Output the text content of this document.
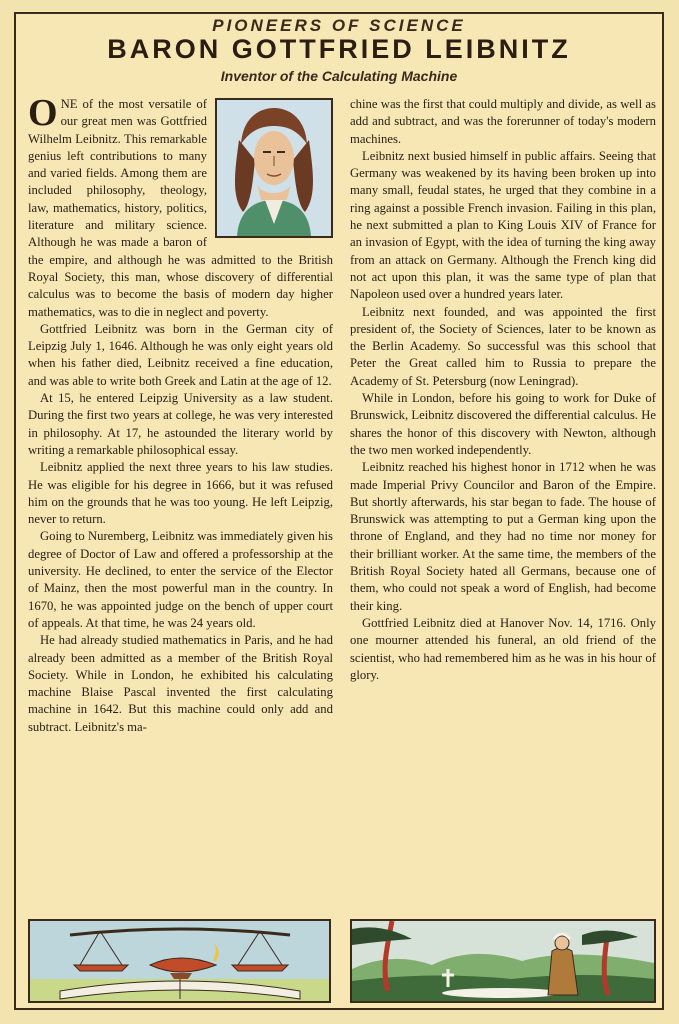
PIONEERS OF SCIENCE
BARON GOTTFRIED LEIBNITZ
Inventor of the Calculating Machine

ONE of the most versatile of our great men was Gottfried Wilhelm Leibnitz. This remarkable genius left contributions to many and varied fields. Among them are included philosophy, theology, law, mathematics, history, politics, literature and military science. Although he was made a baron of the empire, and although he was admitted to the British Royal Society, this man, whose discovery of differential calculus was to become the basis of modern day higher mathematics, was to die in neglect and poverty.

Gottfried Leibnitz was born in the German city of Leipzig July 1, 1646. Although he was only eight years old when his father died, Leibnitz received a fine education, and was able to write both Greek and Latin at the age of 12.

At 15, he entered Leipzig University as a law student. During the first two years at college, he was very interested in philosophy. At 17, he astounded the literary world by writing a remarkable philosophical essay.

Leibnitz applied the next three years to his law studies. He was eligible for his degree in 1666, but it was refused him on the grounds that he was too young. He left Leipzig, never to return.

Going to Nuremberg, Leibnitz was immediately given his degree of Doctor of Law and offered a professorship at the university. He declined, to enter the service of the Elector of Mainz, then the most powerful man in the country. In 1670, he was appointed judge on the bench of upper court of appeals. At that time, he was 24 years old.

He had already studied mathematics in Paris, and he had already been admitted as a member of the British Royal Society. While in London, he exhibited his calculating machine Blaise Pascal invented the first calculating machine in 1642. But this machine could only add and subtract. Leibnitz's ma-

chine was the first that could multiply and divide, as well as add and subtract, and was the forerunner of today's modern machines.

Leibnitz next busied himself in public affairs. Seeing that Germany was weakened by its having been broken up into many small, feudal states, he urged that they combine in a ring against a possible French invasion. Failing in this plan, he next submitted a plan to King Louis XIV of France for an invasion of Egypt, with the idea of turning the king away from an attack on Germany. Although the French king did not act upon this plan, it was the same type of plan that Napoleon used over a hundred years later.

Leibnitz next founded, and was appointed the first president of, the Society of Sciences, later to be known as the Berlin Academy. So successful was this school that Peter the Great called him to Russia to prepare the Academy of St. Petersburg (now Leningrad).

While in London, before his going to work for Duke of Brunswick, Leibnitz discovered the differential calculus. He shares the honor of this discovery with Newton, although the two men worked independently.

Leibnitz reached his highest honor in 1712 when he was made Imperial Privy Councilor and Baron of the Empire. But shortly afterwards, his star began to fade. The house of Brunswick was attempting to put a German king upon the throne of England, and they had no time nor money for their brilliant worker. At the same time, the members of the British Royal Society hated all Germans, because one of them, who could not speak a word of English, had become their king.

Gottfried Leibnitz died at Hanover Nov. 14, 1716. Only one mourner attended his funeral, an old friend of the scientist, who had remembered him as he was in his hour of glory.
